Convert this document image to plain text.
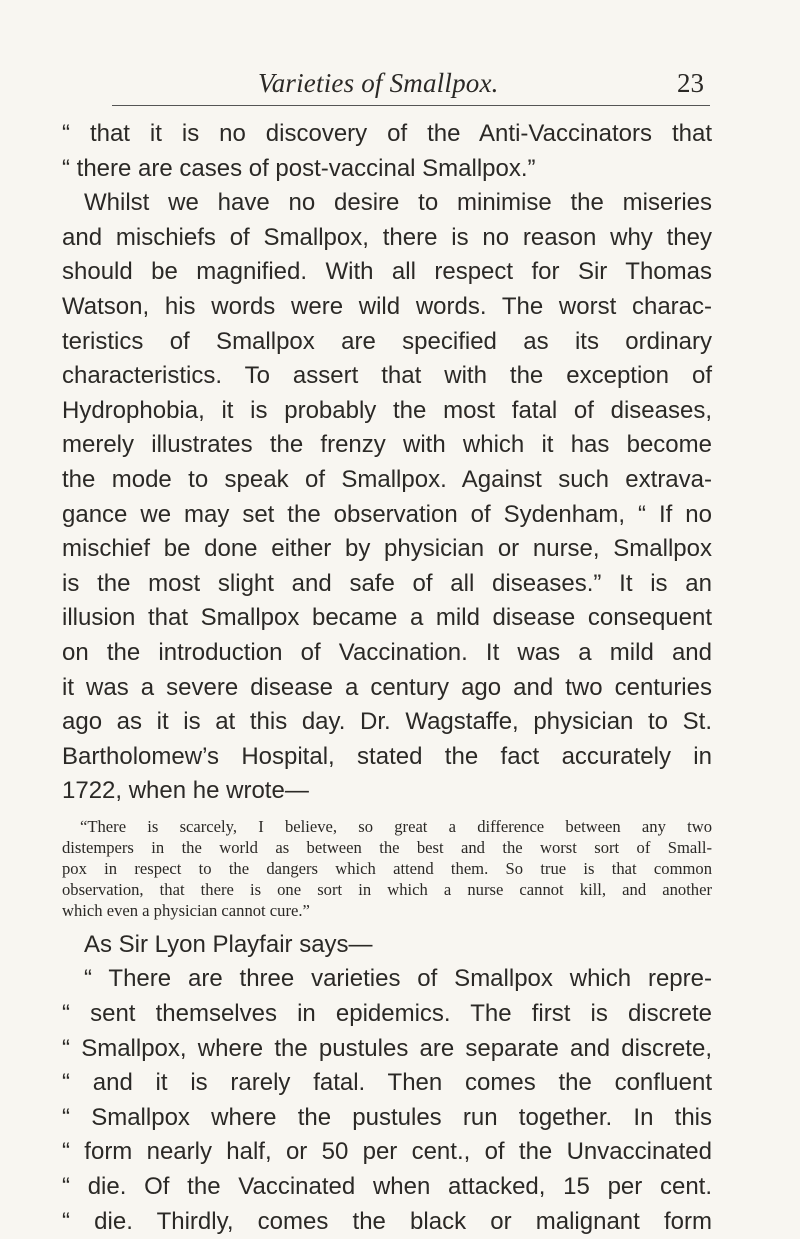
Varieties of Smallpox.	23
“ that it is no discovery of the Anti-Vaccinators that
“ there are cases of post-vaccinal Smallpox.”
Whilst we have no desire to minimise the miseries
and mischiefs of Smallpox, there is no reason why they
should be magnified. With all respect for Sir Thomas
Watson, his words were wild words. The worst charac-
teristics of Smallpox are specified as its ordinary
characteristics. To assert that with the exception of
Hydrophobia, it is probably the most fatal of diseases,
merely illustrates the frenzy with which it has become
the mode to speak of Smallpox. Against such extrava-
gance we may set the observation of Sydenham, “ If no
mischief be done either by physician or nurse, Smallpox
is the most slight and safe of all diseases.” It is an
illusion that Smallpox became a mild disease consequent
on the introduction of Vaccination. It was a mild and
it was a severe disease a century ago and two centuries
ago as it is at this day. Dr. Wagstaffe, physician to St.
Bartholomew’s Hospital, stated the fact accurately in
1722, when he wrote—
“There is scarcely, I believe, so great a difference between any two
distempers in the world as between the best and the worst sort of Small-
pox in respect to the dangers which attend them. So true is that common
observation, that there is one sort in which a nurse cannot kill, and another
which even a physician cannot cure.”
As Sir Lyon Playfair says—
“ There are three varieties of Smallpox which repre-
“ sent themselves in epidemics. The first is discrete
“ Smallpox, where the pustules are separate and discrete,
“ and it is rarely fatal. Then comes the confluent
“ Smallpox where the pustules run together. In this
“ form nearly half, or 50 per cent., of the Unvaccinated
“ die. Of the Vaccinated when attacked, 15 per cent.
“ die. Thirdly, comes the black or malignant form
